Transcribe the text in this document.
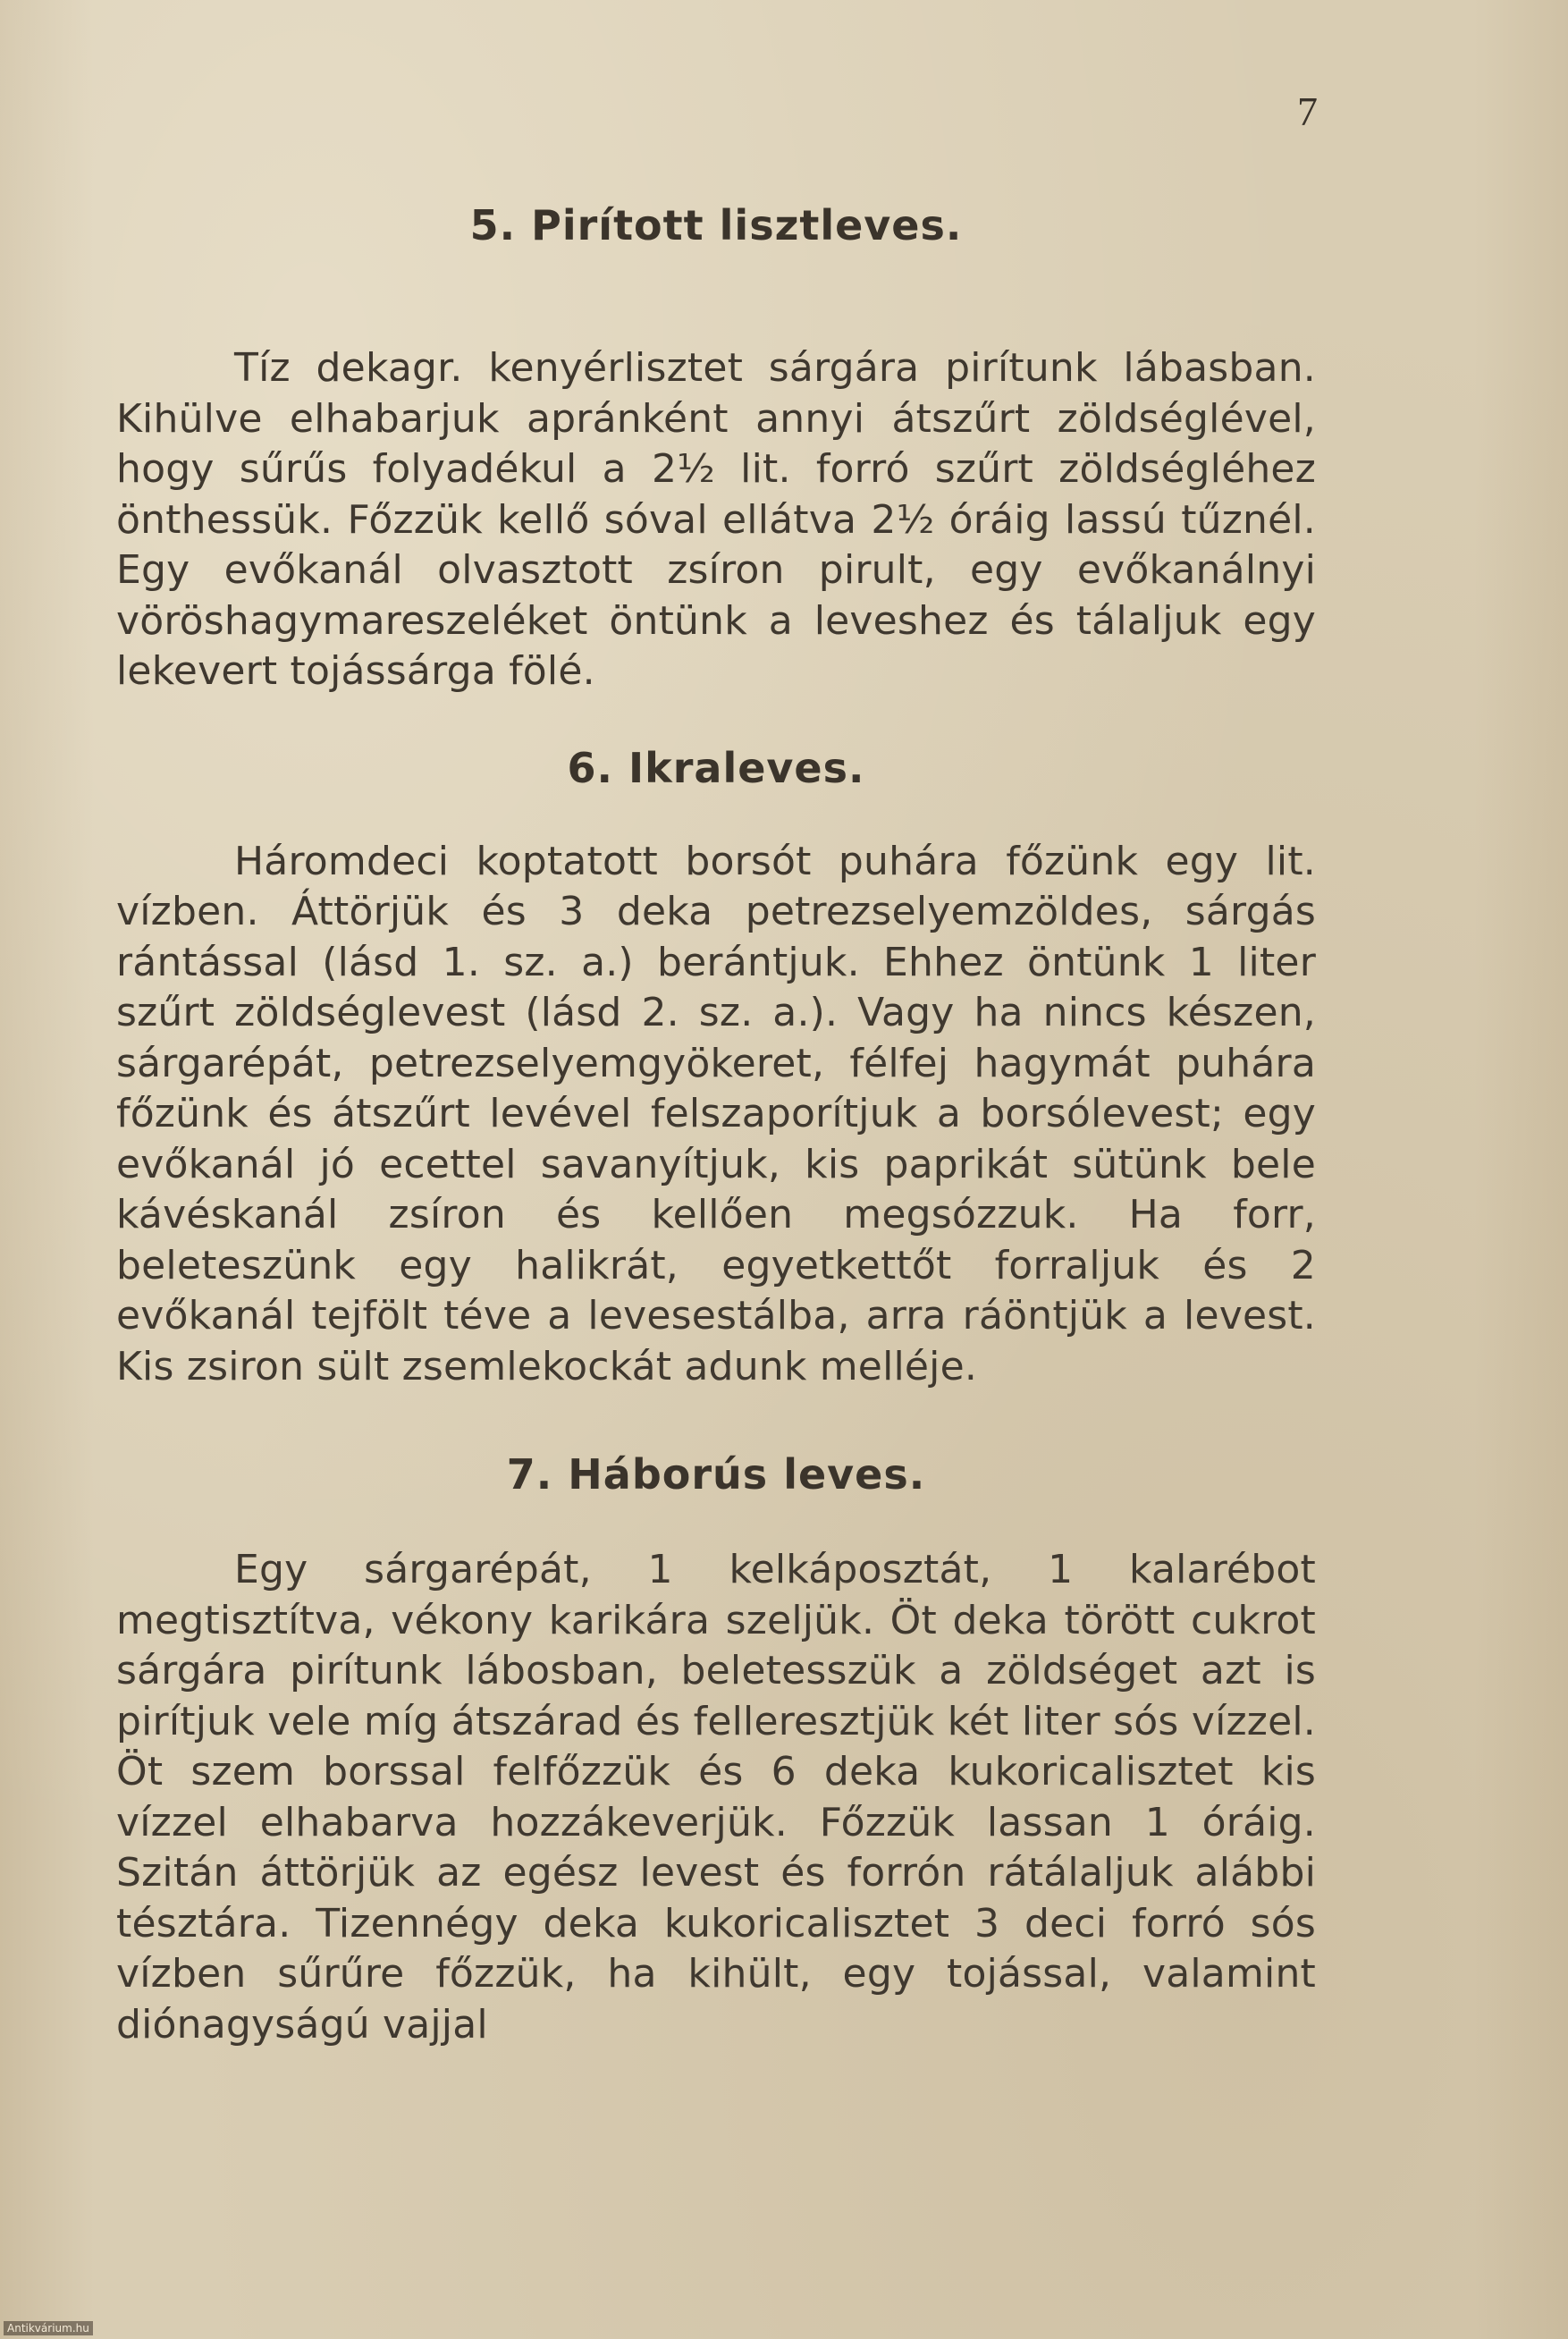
7
5. Pirított lisztleves.

Tíz dekagr. kenyérlisztet sárgára pirítunk lábasban. Kihülve elhabarjuk apránként annyi átszűrt zöldséglével, hogy sűrűs folyadékul a 2½ lit. forró szűrt zöldségléhez önthessük. Főzzük kellő sóval ellátva 2½ óráig lassú tűznél. Egy evőkanál olvasztott zsíron pirult, egy evőkanálnyi vöröshagymareszeléket öntünk a leveshez és tálaljuk egy lekevert tojássárga fölé.

6. Ikraleves.

Háromdeci koptatott borsót puhára főzünk egy lit. vízben. Áttörjük és 3 deka petrezselyemzöldes, sárgás rántással (lásd 1. sz. a.) berántjuk. Ehhez öntünk 1 liter szűrt zöldséglevest (lásd 2. sz. a.). Vagy ha nincs készen, sárgarépát, petrezselyemgyökeret, félfej hagymát puhára főzünk és átszűrt levével felszaporítjuk a borsólevest; egy evőkanál jó ecettel savanyítjuk, kis paprikát sütünk bele kávéskanál zsíron és kellően megsózzuk. Ha forr, beleteszünk egy halikrát, egyetkettőt forraljuk és 2 evőkanál tejfölt téve a levesestálba, arra ráöntjük a levest. Kis zsiron sült zsemlekockát adunk melléje.

7. Háborús leves.

Egy sárgarépát, 1 kelkáposztát, 1 kalarébot megtisztítva, vékony karikára szeljük. Öt deka törött cukrot sárgára pirítunk lábosban, beletesszük a zöldséget azt is pirítjuk vele míg átszárad és felleresztjük két liter sós vízzel. Öt szem borssal felfőzzük és 6 deka kukoricalisztet kis vízzel elhabarva hozzákeverjük. Főzzük lassan 1 óráig. Szitán áttörjük az egész levest és forrón rátálaljuk alábbi tésztára. Tizennégy deka kukoricalisztet 3 deci forró sós vízben sűrűre főzzük, ha kihült, egy tojással, valamint diónagyságú vajjal

Antikvárium.hu
